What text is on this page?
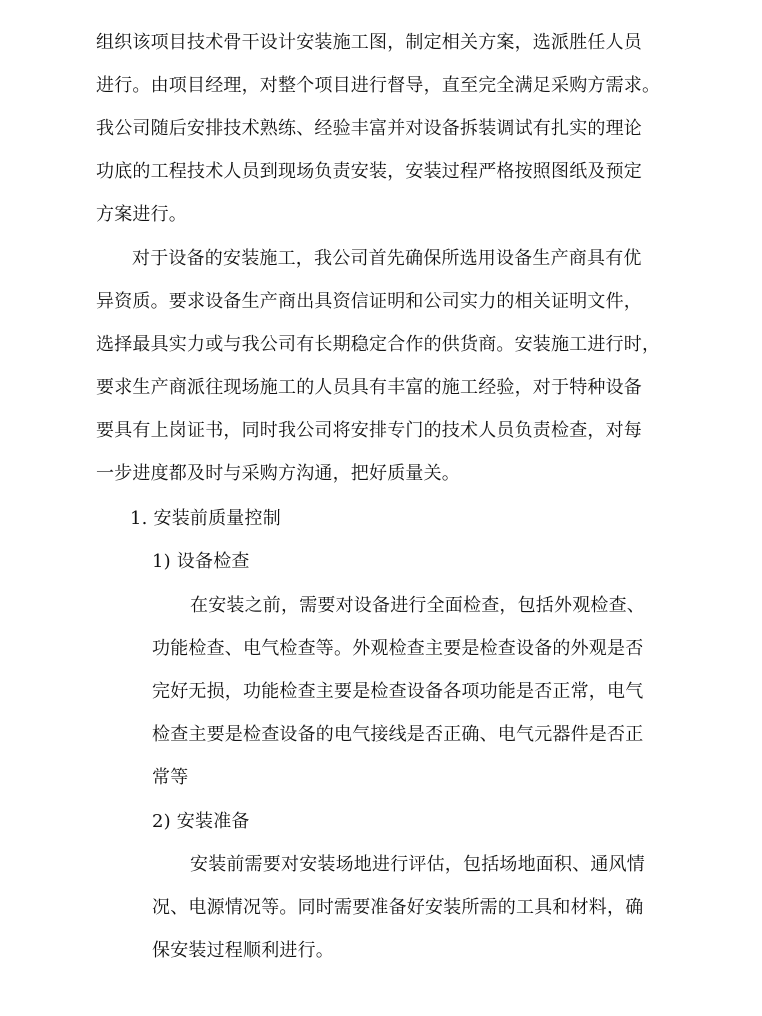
组织该项目技术骨干设计安装施工图，制定相关方案，选派胜任人员
进行。由项目经理，对整个项目进行督导，直至完全满足采购方需求。
我公司随后安排技术熟练、经验丰富并对设备拆装调试有扎实的理论
功底的工程技术人员到现场负责安装，安装过程严格按照图纸及预定
方案进行。
对于设备的安装施工，我公司首先确保所选用设备生产商具有优
异资质。要求设备生产商出具资信证明和公司实力的相关证明文件，
选择最具实力或与我公司有长期稳定合作的供货商。安装施工进行时，
要求生产商派往现场施工的人员具有丰富的施工经验，对于特种设备
要具有上岗证书，同时我公司将安排专门的技术人员负责检查，对每
一步进度都及时与采购方沟通，把好质量关。
1. 安装前质量控制
1) 设备检查
在安装之前，需要对设备进行全面检查，包括外观检查、
功能检查、电气检查等。外观检查主要是检查设备的外观是否
完好无损，功能检查主要是检查设备各项功能是否正常，电气
检查主要是检查设备的电气接线是否正确、电气元器件是否正
常等
2) 安装准备
安装前需要对安装场地进行评估，包括场地面积、通风情
况、电源情况等。同时需要准备好安装所需的工具和材料，确
保安装过程顺利进行。
